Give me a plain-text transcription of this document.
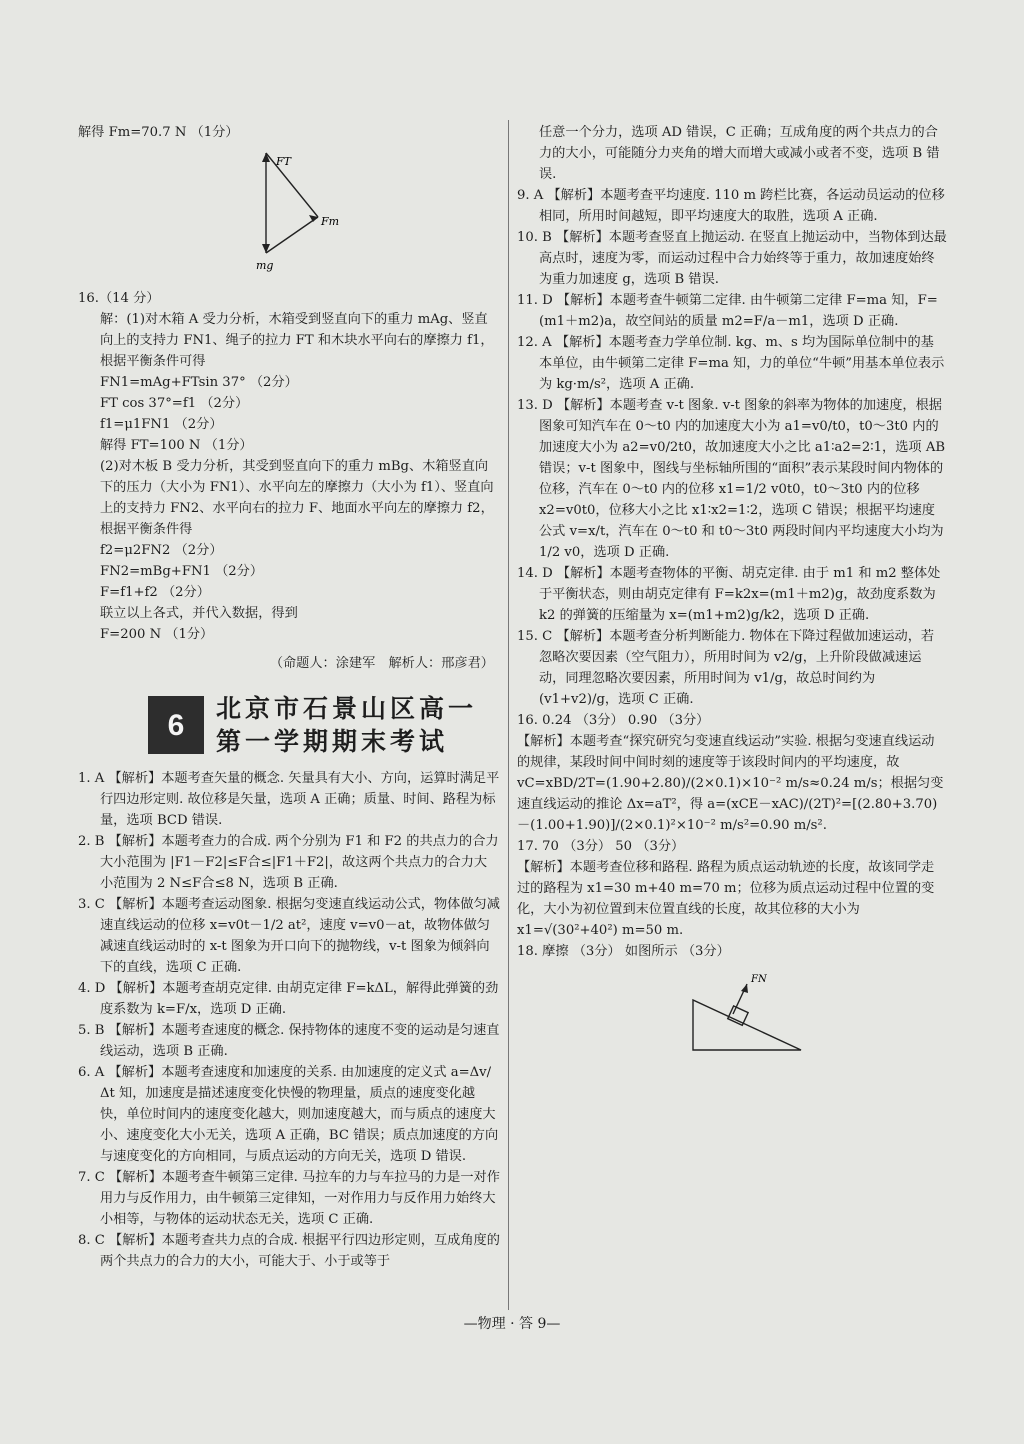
解得 Fm=70.7 N （1分）

FT
Fm
mg

16.（14 分）

解：(1)对木箱 A 受力分析，木箱受到竖直向下的重力 mAg、竖直向上的支持力 FN1、绳子的拉力 FT 和木块水平向右的摩擦力 f1，根据平衡条件可得

FN1=mAg+FTsin 37° （2分）

FT cos 37°=f1 （2分）

f1=μ1FN1 （2分）

解得 FT=100 N （1分）

(2)对木板 B 受力分析，其受到竖直向下的重力 mBg、木箱竖直向下的压力（大小为 FN1）、水平向左的摩擦力（大小为 f1）、竖直向上的支持力 FN2、水平向右的拉力 F、地面水平向左的摩擦力 f2，根据平衡条件得

f2=μ2FN2 （2分）

FN2=mBg+FN1 （2分）

F=f1+f2 （2分）

联立以上各式，并代入数据，得到

F=200 N （1分）

（命题人：涂建军　解析人：邢彦君）

6	北京市石景山区高一
第一学期期末考试

1. A 【解析】本题考查矢量的概念. 矢量具有大小、方向，运算时满足平行四边形定则. 故位移是矢量，选项 A 正确；质量、时间、路程为标量，选项 BCD 错误.

2. B 【解析】本题考查力的合成. 两个分别为 F1 和 F2 的共点力的合力大小范围为 |F1－F2|≤F合≤|F1＋F2|，故这两个共点力的合力大小范围为 2 N≤F合≤8 N，选项 B 正确.

3. C 【解析】本题考查运动图象. 根据匀变速直线运动公式，物体做匀减速直线运动的位移 x=v0t－1/2 at²，速度 v=v0－at，故物体做匀减速直线运动时的 x-t 图象为开口向下的抛物线，v-t 图象为倾斜向下的直线，选项 C 正确.

4. D 【解析】本题考查胡克定律. 由胡克定律 F=kΔL，解得此弹簧的劲度系数为 k=F/x，选项 D 正确.

5. B 【解析】本题考查速度的概念. 保持物体的速度不变的运动是匀速直线运动，选项 B 正确.

6. A 【解析】本题考查速度和加速度的关系. 由加速度的定义式 a=Δv/Δt 知，加速度是描述速度变化快慢的物理量，质点的速度变化越快，单位时间内的速度变化越大，则加速度越大，而与质点的速度大小、速度变化大小无关，选项 A 正确，BC 错误；质点加速度的方向与速度变化的方向相同，与质点运动的方向无关，选项 D 错误.

7. C 【解析】本题考查牛顿第三定律. 马拉车的力与车拉马的力是一对作用力与反作用力，由牛顿第三定律知，一对作用力与反作用力始终大小相等，与物体的运动状态无关，选项 C 正确.

8. C 【解析】本题考查共力点的合成. 根据平行四边形定则，互成角度的两个共点力的合力的大小，可能大于、小于或等于

任意一个分力，选项 AD 错误，C 正确；互成角度的两个共点力的合力的大小，可能随分力夹角的增大而增大或减小或者不变，选项 B 错误.

9. A 【解析】本题考查平均速度. 110 m 跨栏比赛，各运动员运动的位移相同，所用时间越短，即平均速度大的取胜，选项 A 正确.

10. B 【解析】本题考查竖直上抛运动. 在竖直上抛运动中，当物体到达最高点时，速度为零，而运动过程中合力始终等于重力，故加速度始终为重力加速度 g，选项 B 错误.

11. D 【解析】本题考查牛顿第二定律. 由牛顿第二定律 F=ma 知，F=(m1＋m2)a，故空间站的质量 m2=F/a－m1，选项 D 正确.

12. A 【解析】本题考查力学单位制. kg、m、s 均为国际单位制中的基本单位，由牛顿第二定律 F=ma 知，力的单位“牛顿”用基本单位表示为 kg·m/s²，选项 A 正确.

13. D 【解析】本题考查 v-t 图象. v-t 图象的斜率为物体的加速度，根据图象可知汽车在 0～t0 内的加速度大小为 a1=v0/t0，t0～3t0 内的加速度大小为 a2=v0/2t0，故加速度大小之比 a1∶a2=2∶1，选项 AB 错误；v-t 图象中，图线与坐标轴所围的“面积”表示某段时间内物体的位移，汽车在 0～t0 内的位移 x1=1/2 v0t0，t0～3t0 内的位移 x2=v0t0，位移大小之比 x1∶x2=1∶2，选项 C 错误；根据平均速度公式 v=x/t，汽车在 0～t0 和 t0～3t0 两段时间内平均速度大小均为 1/2 v0，选项 D 正确.

14. D 【解析】本题考查物体的平衡、胡克定律. 由于 m1 和 m2 整体处于平衡状态，则由胡克定律有 F=k2x=(m1＋m2)g，故劲度系数为 k2 的弹簧的压缩量为 x=(m1+m2)g/k2，选项 D 正确.

15. C 【解析】本题考查分析判断能力. 物体在下降过程做加速运动，若忽略次要因素（空气阻力），所用时间为 v2/g，上升阶段做减速运动，同理忽略次要因素，所用时间为 v1/g，故总时间约为 (v1+v2)/g，选项 C 正确.

16. 0.24 （3分） 0.90 （3分）

【解析】本题考查“探究研究匀变速直线运动”实验. 根据匀变速直线运动的规律，某段时间中间时刻的速度等于该段时间内的平均速度，故 vC=xBD/2T=(1.90+2.80)/(2×0.1)×10⁻² m/s≈0.24 m/s；根据匀变速直线运动的推论 Δx=aT²，得 a=(xCE－xAC)/(2T)²=[(2.80+3.70)－(1.00+1.90)]/(2×0.1)²×10⁻² m/s²=0.90 m/s².

17. 70 （3分） 50 （3分）

【解析】本题考查位移和路程. 路程为质点运动轨迹的长度，故该同学走过的路程为 x1=30 m+40 m=70 m；位移为质点运动过程中位置的变化，大小为初位置到末位置直线的长度，故其位移的大小为 x1=√(30²+40²) m=50 m.

18. 摩擦 （3分） 如图所示 （3分）

FN
—物理 · 答 9—
